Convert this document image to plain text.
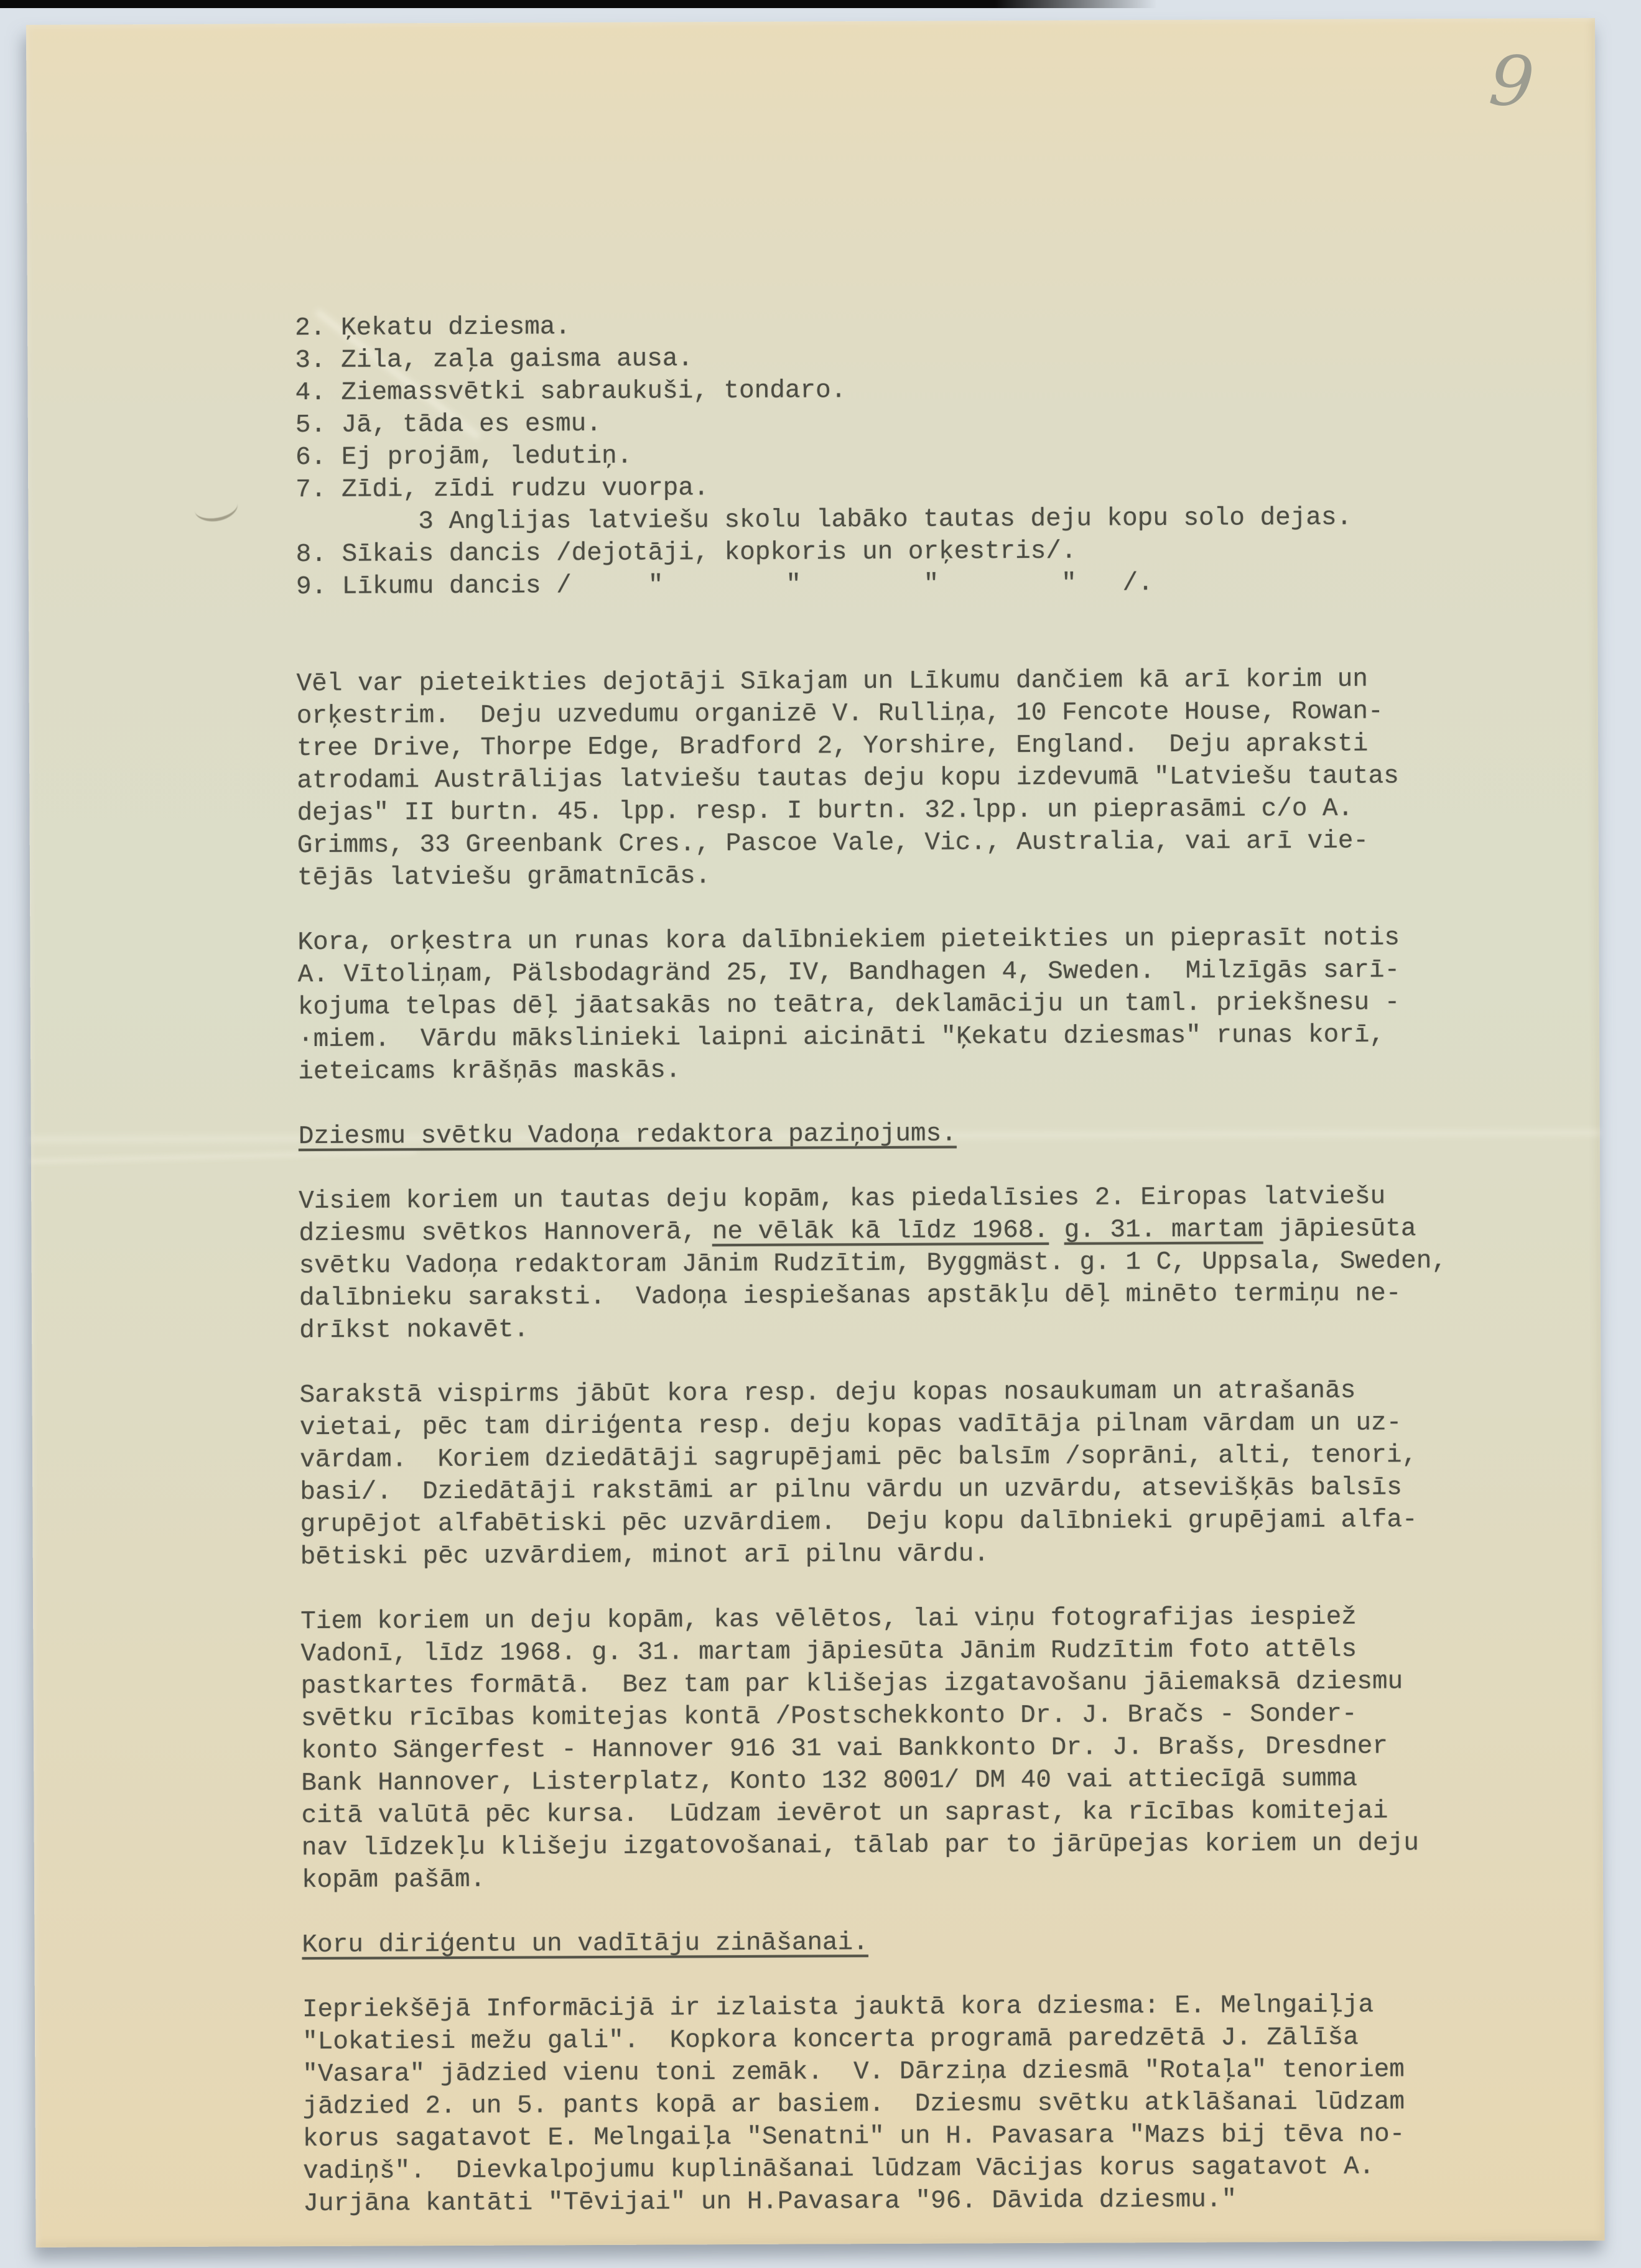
9
2. Ķekatu dziesma.
3. Zila, zaļa gaisma ausa.
4. Ziemassvētki sabraukuši, tondaro.
5. Jā, tāda es esmu.
6. Ej projām, ledutiņ.
7. Zīdi, zīdi rudzu vuorpa.
3 Anglijas latviešu skolu labāko tautas deju kopu solo dejas.
8. Sīkais dancis /dejotāji, kopkoris un orķestris/.
9. Līkumu dancis /     "        "        "        "   /.
Vēl var pieteikties dejotāji Sīkajam un Līkumu dančiem kā arī korim un
orķestrim.  Deju uzvedumu organizē V. Rulliņa, 10 Fencote House, Rowan-
tree Drive, Thorpe Edge, Bradford 2, Yorshire, England.  Deju apraksti
atrodami Austrālijas latviešu tautas deju kopu izdevumā "Latviešu tautas
dejas" II burtn. 45. lpp. resp. I burtn. 32.lpp. un pieprasāmi c/o A.
Grimms, 33 Greenbank Cres., Pascoe Vale, Vic., Australia, vai arī vie-
tējās latviešu grāmatnīcās.
Kora, orķestra un runas kora dalībniekiem pieteikties un pieprasīt notis
A. Vītoliņam, Pälsbodagränd 25, IV, Bandhagen 4, Sweden.  Milzīgās sarī-
kojuma telpas dēļ jāatsakās no teātra, deklamāciju un taml. priekšnesu -
·miem.  Vārdu mākslinieki laipni aicināti "Ķekatu dziesmas" runas korī,
ieteicams krāšņās maskās.
Dziesmu svētku Vadoņa redaktora paziņojums.
Visiem koriem un tautas deju kopām, kas piedalīsies 2. Eiropas latviešu
dziesmu svētkos Hannoverā, ne vēlāk kā līdz 1968. g. 31. martam jāpiesūta
svētku Vadoņa redaktoram Jānim Rudzītim, Byggmäst. g. 1 C, Uppsala, Sweden,
dalībnieku saraksti.  Vadoņa iespiešanas apstākļu dēļ minēto termiņu ne-
drīkst nokavēt.
Sarakstā vispirms jābūt kora resp. deju kopas nosaukumam un atrašanās
vietai, pēc tam diriģenta resp. deju kopas vadītāja pilnam vārdam un uz-
vārdam.  Koriem dziedātāji sagrupējami pēc balsīm /soprāni, alti, tenori,
basi/.  Dziedātāji rakstāmi ar pilnu vārdu un uzvārdu, atsevišķās balsīs
grupējot alfabētiski pēc uzvārdiem.  Deju kopu dalībnieki grupējami alfa-
bētiski pēc uzvārdiem, minot arī pilnu vārdu.
Tiem koriem un deju kopām, kas vēlētos, lai viņu fotografijas iespiež
Vadonī, līdz 1968. g. 31. martam jāpiesūta Jānim Rudzītim foto attēls
pastkartes formātā.  Bez tam par klišejas izgatavošanu jāiemaksā dziesmu
svētku rīcības komitejas kontā /Postschekkonto Dr. J. Bračs - Sonder-
konto Sängerfest - Hannover 916 31 vai Bankkonto Dr. J. Brašs, Dresdner
Bank Hannover, Listerplatz, Konto 132 8001/ DM 40 vai attiecīgā summa
citā valūtā pēc kursa.  Lūdzam ievērot un saprast, ka rīcības komitejai
nav līdzekļu klišeju izgatovošanai, tālab par to jārūpejas koriem un deju
kopām pašām.
Koru diriģentu un vadītāju zināšanai.
Iepriekšējā Informācijā ir izlaista jauktā kora dziesma: E. Melngaiļja
"Lokatiesi mežu gali".  Kopkora koncerta programā paredzētā J. Zālīša
"Vasara" jādzied vienu toni zemāk.  V. Dārziņa dziesmā "Rotaļa" tenoriem
jādzied 2. un 5. pants kopā ar basiem.  Dziesmu svētku atklāšanai lūdzam
korus sagatavot E. Melngaiļa "Senatni" un H. Pavasara "Mazs bij tēva no-
vadiņš".  Dievkalpojumu kuplināšanai lūdzam Vācijas korus sagatavot A.
Jurjāna kantāti "Tēvijai" un H.Pavasara "96. Dāvida dziesmu."
